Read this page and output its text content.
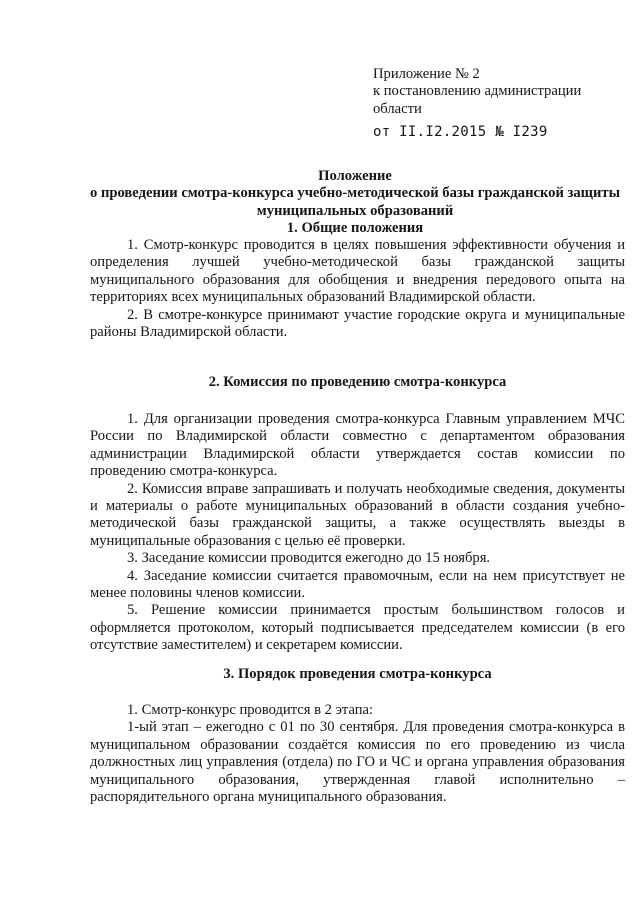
Приложение № 2
к постановлению администрации
области
от II.I2.2015 № I239
Положение
о проведении смотра-конкурса учебно-методической базы гражданской защиты
муниципальных образований
1. Общие положения

1. Смотр-конкурс проводится в целях повышения эффективности обучения и определения лучшей учебно-методической базы гражданской защиты муниципального образования для обобщения и внедрения передового опыта на территориях всех муниципальных образований Владимирской области.

2. В смотре-конкурсе принимают участие городские округа и муниципальные районы Владимирской области.

2. Комиссия по проведению смотра-конкурса

1. Для организации проведения смотра-конкурса Главным управлением МЧС России по Владимирской области совместно с департаментом образования администрации Владимирской области утверждается состав комиссии по проведению смотра-конкурса.

2. Комиссия вправе запрашивать и получать необходимые сведения, документы и материалы о работе муниципальных образований в области создания учебно-методической базы гражданской защиты, а также осуществлять выезды в муниципальные образования с целью её проверки.

3. Заседание комиссии проводится ежегодно до 15 ноября.

4. Заседание комиссии считается правомочным, если на нем присутствует не менее половины членов комиссии.

5. Решение комиссии принимается простым большинством голосов и оформляется протоколом, который подписывается председателем комиссии (в его отсутствие заместителем) и секретарем комиссии.

3. Порядок проведения смотра-конкурса

1. Смотр-конкурс проводится в 2 этапа:

1-ый этап – ежегодно с 01 по 30 сентября. Для проведения смотра-конкурса в муниципальном образовании создаётся комиссия по его проведению из числа должностных лиц управления (отдела) по ГО и ЧС и органа управления образования муниципального образования, утвержденная главой исполнительно – распорядительного органа муниципального образования.
